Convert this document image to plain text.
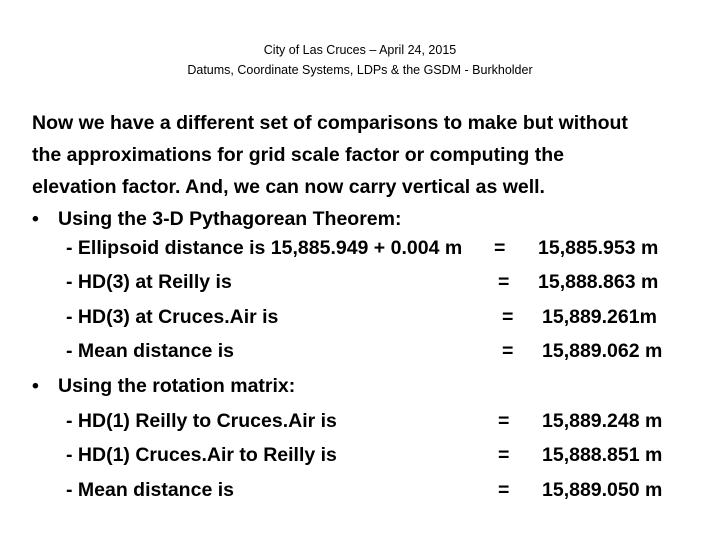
City of Las Cruces – April 24, 2015
Datums, Coordinate Systems, LDPs & the GSDM - Burkholder
Now we have a different set of comparisons to make but without
the approximations for grid scale factor or computing the
elevation factor. And, we can now carry vertical as well.
• Using the 3-D Pythagorean Theorem:
- Ellipsoid distance is 15,885.949 + 0.004 m = 15,885.953 m
- HD(3) at Reilly is	= 15,888.863 m
- HD(3) at Cruces.Air is	= 15,889.261m
- Mean distance is	= 15,889.062 m
• Using the rotation matrix:
- HD(1) Reilly to Cruces.Air is	= 15,889.248 m
- HD(1) Cruces.Air to Reilly is	= 15,888.851 m
- Mean distance is	= 15,889.050 m
